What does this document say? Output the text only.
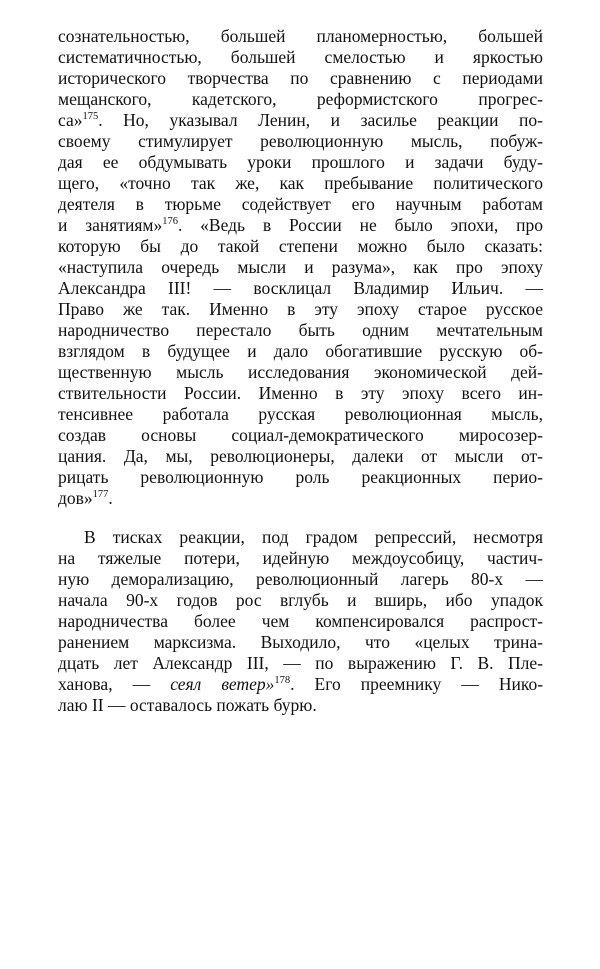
сознательностью, большей планомерностью, большей
систематичностью, большей смелостью и яркостью
исторического творчества по сравнению с периодами
мещанского, кадетского, реформистского прогрес-
са»$^{175}$. Но, указывал Ленин, и засилье реакции по-
своему стимулирует революционную мысль, побуж-
дая ее обдумывать уроки прошлого и задачи буду-
щего, «точно так же, как пребывание политического
деятеля в тюрьме содействует его научным работам
и занятиям»$^{176}$. «Ведь в России не было эпохи, про
которую бы до такой степени можно было сказать:
«наступила очередь мысли и разума», как про эпоху
Александра III! — восклицал Владимир Ильич. —
Право же так. Именно в эту эпоху старое русское
народничество перестало быть одним мечтательным
взглядом в будущее и дало обогатившие русскую об-
щественную мысль исследования экономической дей-
ствительности России. Именно в эту эпоху всего ин-
тенсивнее работала русская революционная мысль,
создав основы социал-демократического миросозер-
цания. Да, мы, революционеры, далеки от мысли от-
рицать революционную роль реакционных перио-
дов»$^{177}$.
В тисках реакции, под градом репрессий, несмотря
на тяжелые потери, идейную междоусобицу, частич-
ную деморализацию, революционный лагерь 80-х —
начала 90-х годов рос вглубь и вширь, ибо упадок
народничества более чем компенсировался распрост-
ранением марксизма. Выходило, что «целых трина-
дцать лет Александр III, — по выражению Г. В. Пле-
ханова, — сеял ветер»$^{178}$. Его преемнику — Нико-
лаю II — оставалось пожать бурю.
